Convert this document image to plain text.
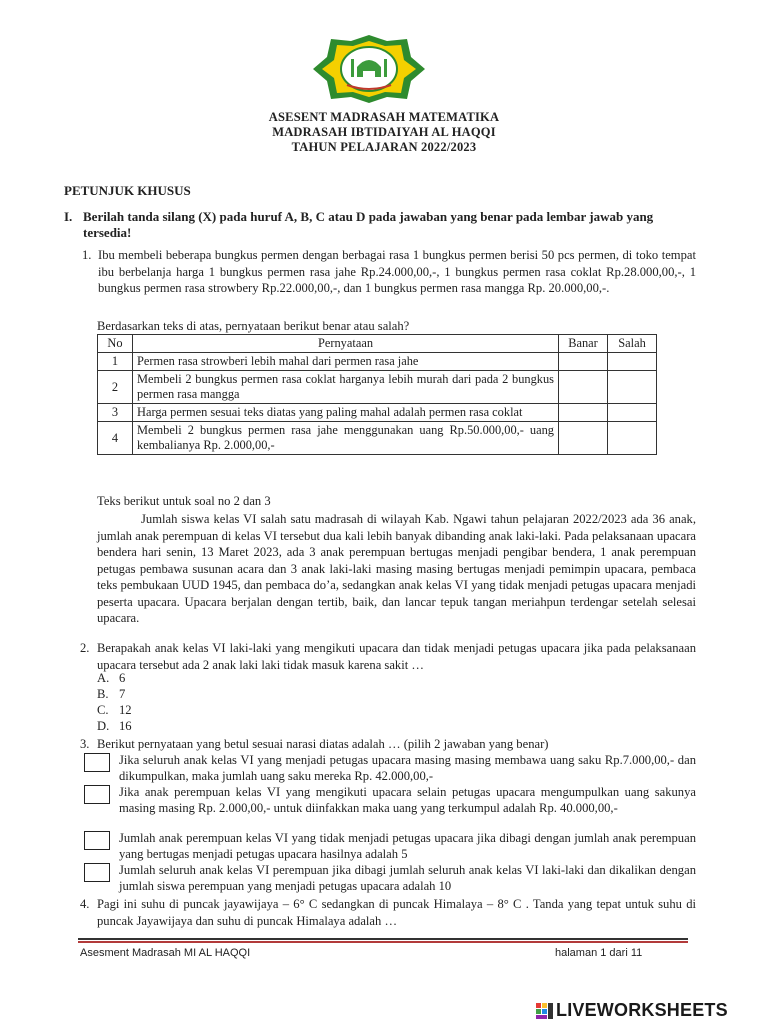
ASESENT MADRASAH MATEMATIKA
MADRASAH IBTIDAIYAH AL HAQQI
TAHUN PELAJARAN 2022/2023
PETUNJUK KHUSUS
I. Berilah tanda silang (X) pada huruf A, B, C atau D pada jawaban yang benar pada lembar jawab yang tersedia!
1. Ibu membeli beberapa bungkus permen dengan berbagai rasa 1 bungkus permen berisi 50 pcs permen, di toko tempat ibu berbelanja harga 1 bungkus permen rasa jahe Rp.24.000,00,-, 1 bungkus permen rasa coklat Rp.28.000,00,-, 1 bungkus permen rasa strowbery Rp.22.000,00,-, dan 1 bungkus permen rasa mangga Rp. 20.000,00,-.
Berdasarkan teks di atas, pernyataan berikut benar atau salah?
No	Pernyataan	Banar	Salah
1	Permen rasa strowberi lebih mahal dari permen rasa jahe		
2	Membeli 2 bungkus permen rasa coklat harganya lebih murah dari pada 2 bungkus permen rasa mangga		
3	Harga permen sesuai teks diatas yang paling mahal adalah permen rasa coklat		
4	Membeli 2 bungkus permen rasa jahe menggunakan uang Rp.50.000,00,- uang kembalianya Rp. 2.000,00,-		
Teks berikut untuk soal no 2 dan 3
Jumlah siswa kelas VI salah satu madrasah di wilayah Kab. Ngawi tahun pelajaran 2022/2023 ada 36 anak, jumlah anak perempuan di kelas VI tersebut dua kali lebih banyak dibanding anak laki-laki. Pada pelaksanaan upacara bendera hari senin, 13 Maret 2023, ada 3 anak perempuan bertugas menjadi pengibar bendera, 1 anak perempuan petugas pembawa susunan acara dan 3 anak laki-laki masing masing bertugas menjadi pemimpin upacara, pembaca teks pembukaan UUD 1945, dan pembaca do’a, sedangkan anak kelas VI yang tidak menjadi petugas upacara menjadi peserta upacara. Upacara berjalan dengan tertib, baik, dan lancar tepuk tangan meriahpun terdengar setelah selesai upacara.
2. Berapakah anak kelas VI laki-laki yang mengikuti upacara dan tidak menjadi petugas upacara jika pada pelaksanaan upacara tersebut ada 2 anak laki laki tidak masuk karena sakit …
A. 6
B. 7
C. 12
D. 16
3. Berikut pernyataan yang betul sesuai narasi diatas adalah … (pilih 2 jawaban yang benar)
Jika seluruh anak kelas VI yang menjadi petugas upacara masing masing membawa uang saku Rp.7.000,00,- dan dikumpulkan, maka jumlah uang saku mereka Rp. 42.000,00,-
Jika anak perempuan kelas VI yang mengikuti upacara selain petugas upacara mengumpulkan uang sakunya masing masing Rp. 2.000,00,- untuk diinfakkan maka uang yang terkumpul adalah Rp. 40.000,00,-
Jumlah anak perempuan kelas VI yang tidak menjadi petugas upacara jika dibagi dengan jumlah anak perempuan yang bertugas menjadi petugas upacara hasilnya adalah 5
Jumlah seluruh anak kelas VI perempuan jika dibagi jumlah seluruh anak kelas VI laki-laki dan dikalikan dengan jumlah siswa perempuan yang menjadi petugas upacara adalah 10
4. Pagi ini suhu di puncak jayawijaya – 6° C sedangkan di puncak Himalaya – 8° C . Tanda yang tepat untuk suhu di puncak Jayawijaya dan suhu di puncak Himalaya adalah …
Asesment Madrasah MI AL HAQQI	halaman 1 dari 11
LIVEWORKSHEETS
